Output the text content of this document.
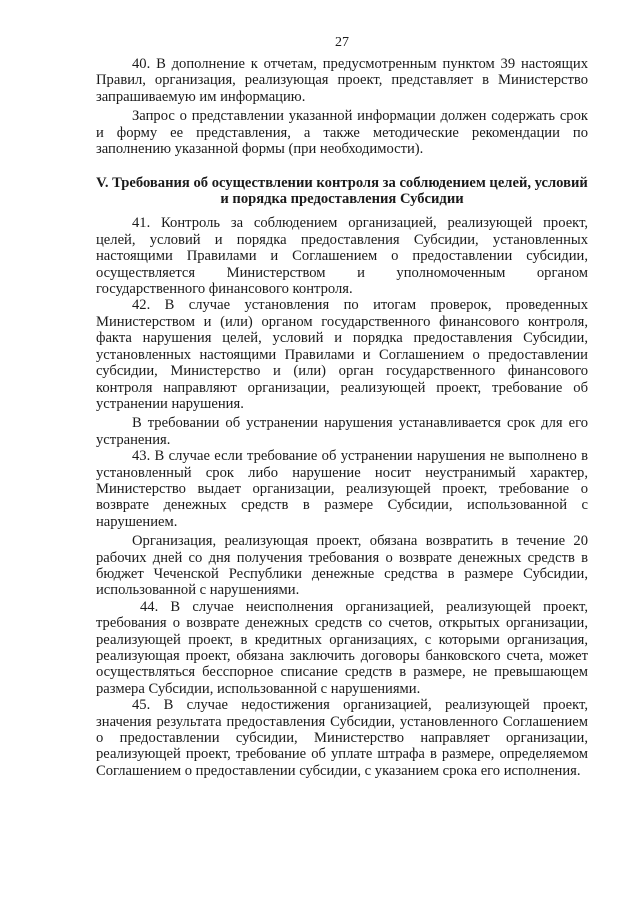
27

40. В дополнение к отчетам, предусмотренным пунктом 39 настоящих Правил, организация, реализующая проект, представляет в Министерство запрашиваемую им информацию.

Запрос о представлении указанной информации должен содержать срок и форму ее представления, а также методические рекомендации по заполнению указанной формы (при необходимости).

V. Требования об осуществлении контроля за соблюдением целей, условий и порядка предоставления Субсидии

41. Контроль за соблюдением организацией, реализующей проект, целей, условий и порядка предоставления Субсидии, установленных настоящими Правилами и Соглашением о предоставлении субсидии, осуществляется Министерством и уполномоченным органом государственного финансового контроля.

42. В случае установления по итогам проверок, проведенных Министерством и (или) органом государственного финансового контроля, факта нарушения целей, условий и порядка предоставления Субсидии, установленных настоящими Правилами и Соглашением о предоставлении субсидии, Министерство и (или) орган государственного финансового контроля направляют организации, реализующей проект, требование об устранении нарушения.

В требовании об устранении нарушения устанавливается срок для его устранения.

43. В случае если требование об устранении нарушения не выполнено в установленный срок либо нарушение носит неустранимый характер, Министерство выдает организации, реализующей проект, требование о возврате денежных средств в размере Субсидии, использованной с нарушением.

Организация, реализующая проект, обязана возвратить в течение 20 рабочих дней со дня получения требования о возврате денежных средств в бюджет Чеченской Республики денежные средства в размере Субсидии, использованной с нарушениями.

44. В случае неисполнения организацией, реализующей проект, требования о возврате денежных средств со счетов, открытых организации, реализующей проект, в кредитных организациях, с которыми организация, реализующая проект, обязана заключить договоры банковского счета, может осуществляться бесспорное списание средств в размере, не превышающем размера Субсидии, использованной с нарушениями.

45. В случае недостижения организацией, реализующей проект, значения результата предоставления Субсидии, установленного Соглашением о предоставлении субсидии, Министерство направляет организации, реализующей проект, требование об уплате штрафа в размере, определяемом Соглашением о предоставлении субсидии, с указанием срока его исполнения.
